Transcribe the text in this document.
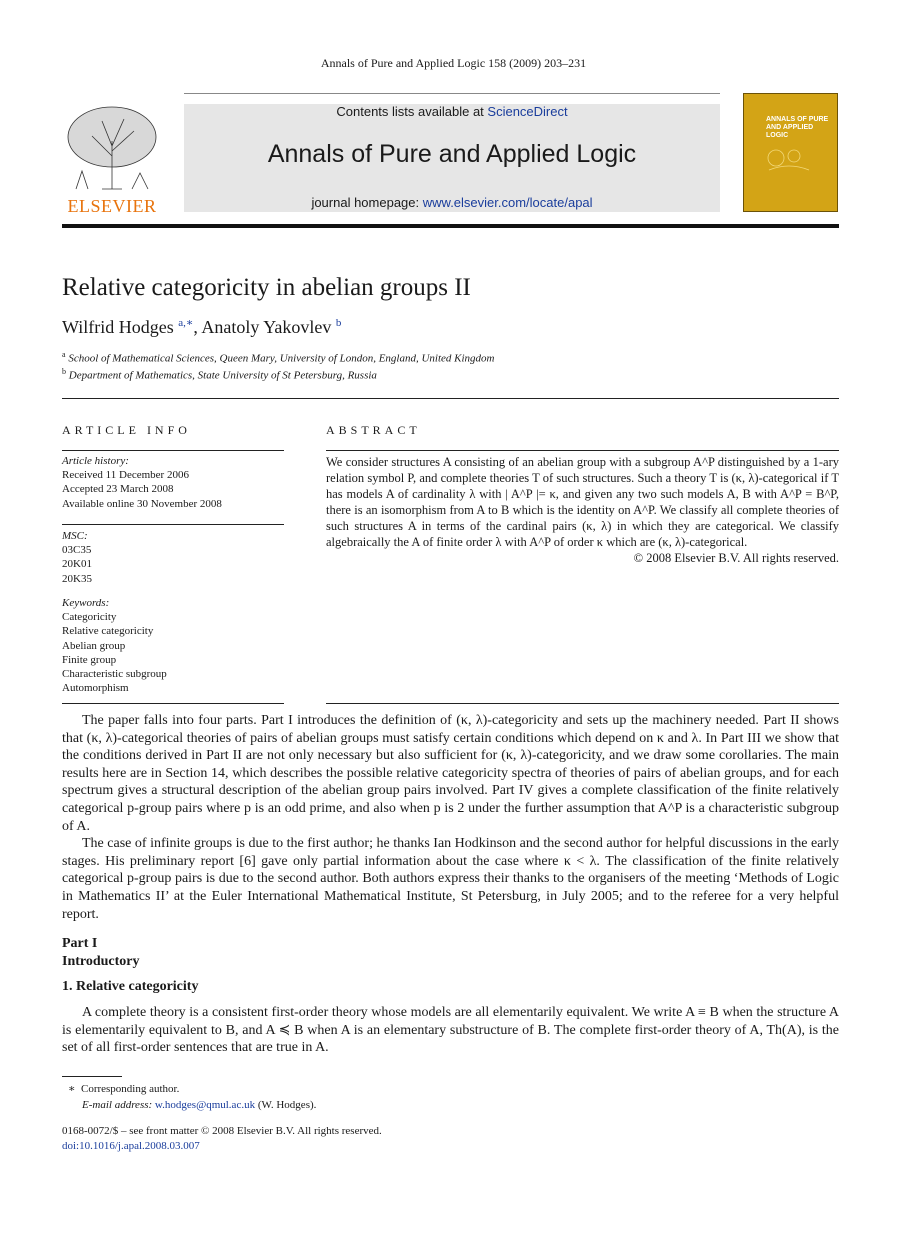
Annals of Pure and Applied Logic 158 (2009) 203–231
ELSEVIER
Contents lists available at ScienceDirect
Annals of Pure and Applied Logic
journal homepage: www.elsevier.com/locate/apal
ANNALS OF PURE AND APPLIED LOGIC
Relative categoricity in abelian groups II
Wilfrid Hodges $^{a,∗}$, Anatoly Yakovlev $^b$
$^a$ School of Mathematical Sciences, Queen Mary, University of London, England, United Kingdom
$^b$ Department of Mathematics, State University of St Petersburg, Russia
ARTICLE INFO	ABSTRACT
Article history:
Received 11 December 2006
Accepted 23 March 2008
Available online 30 November 2008
MSC:
03C35
20K01
20K35
Keywords:
Categoricity
Relative categoricity
Abelian group
Finite group
Characteristic subgroup
Automorphism
We consider structures A consisting of an abelian group with a subgroup A^P distinguished by a 1-ary relation symbol P, and complete theories T of such structures. Such a theory T is (κ, λ)-categorical if T has models A of cardinality λ with | A^P |= κ, and given any two such models A, B with A^P = B^P, there is an isomorphism from A to B which is the identity on A^P. We classify all complete theories of such structures A in terms of the cardinal pairs (κ, λ) in which they are categorical. We classify algebraically the A of finite order λ with A^P of order κ which are (κ, λ)-categorical.
© 2008 Elsevier B.V. All rights reserved.

The paper falls into four parts. Part I introduces the definition of (κ, λ)-categoricity and sets up the machinery needed. Part II shows that (κ, λ)-categorical theories of pairs of abelian groups must satisfy certain conditions which depend on κ and λ. In Part III we show that the conditions derived in Part II are not only necessary but also sufficient for (κ, λ)-categoricity, and we draw some corollaries. The main results here are in Section 14, which describes the possible relative categoricity spectra of theories of pairs of abelian groups, and for each spectrum gives a structural description of the abelian group pairs involved. Part IV gives a complete classification of the finite relatively categorical p-group pairs where p is an odd prime, and also when p is 2 under the further assumption that A^P is a characteristic subgroup of A.

The case of infinite groups is due to the first author; he thanks Ian Hodkinson and the second author for helpful discussions in the early stages. His preliminary report [6] gave only partial information about the case where κ < λ. The classification of the finite relatively categorical p-group pairs is due to the second author. Both authors express their thanks to the organisers of the meeting ‘Methods of Logic in Mathematics II’ at the Euler International Mathematical Institute, St Petersburg, in July 2005; and to the referee for a very helpful report.

Part I
Introductory
1. Relative categoricity

A complete theory is a consistent first-order theory whose models are all elementarily equivalent. We write A ≡ B when the structure A is elementarily equivalent to B, and A ≼ B when A is an elementary substructure of B. The complete first-order theory of A, Th(A), is the set of all first-order sentences that are true in A.

∗ Corresponding author.
E-mail address: w.hodges@qmul.ac.uk (W. Hodges).
0168-0072/$ – see front matter © 2008 Elsevier B.V. All rights reserved.
doi:10.1016/j.apal.2008.03.007
